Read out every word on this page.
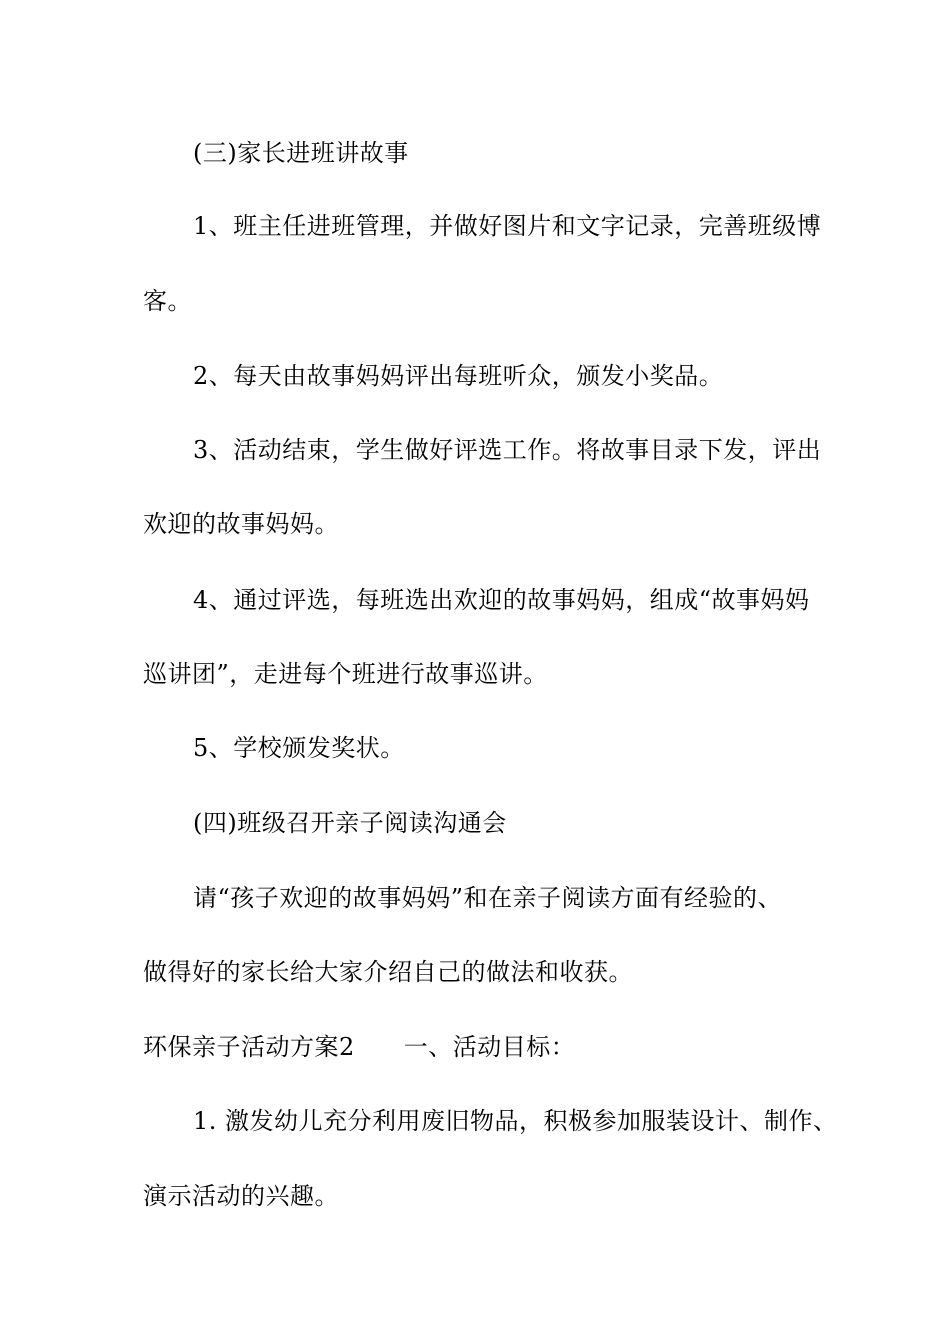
(三)家长进班讲故事
1、班主任进班管理，并做好图片和文字记录，完善班级博
客。
2、每天由故事妈妈评出每班听众，颁发小奖品。
3、活动结束，学生做好评选工作。将故事目录下发，评出
欢迎的故事妈妈。
4、通过评选，每班选出欢迎的故事妈妈，组成“故事妈妈
巡讲团”，走进每个班进行故事巡讲。
5、学校颁发奖状。
(四)班级召开亲子阅读沟通会
请“孩子欢迎的故事妈妈”和在亲子阅读方面有经验的、
做得好的家长给大家介绍自己的做法和收获。
环保亲子活动方案2　　一、活动目标：
1. 激发幼儿充分利用废旧物品，积极参加服装设计、制作、
演示活动的兴趣。
